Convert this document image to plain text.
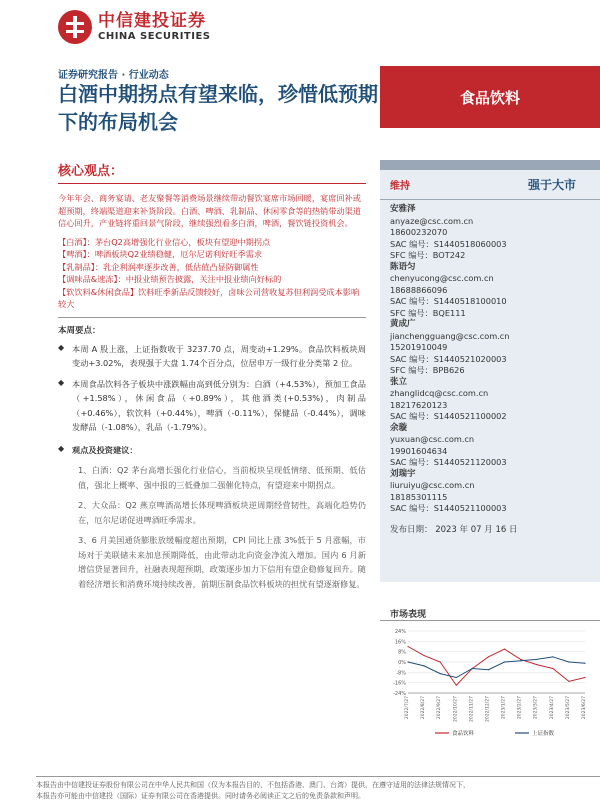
中信建投证券
CHINA SECURITIES
证券研究报告 · 行业动态
白酒中期拐点有望来临，珍惜低预期下的布局机会
食品饮料
核心观点：
今年年会、商务宴请、老友聚餐等消费场景继续带动餐饮宴席市场回暖，宴席回补或超预期，终端渠道迎来补货阶段。白酒、啤酒、乳制品、休闲零食等的热销带动渠道信心回升，产业链将重回景气阶段，继续强烈看多白酒，啤酒，餐饮链投资机会。
【白酒】：茅台Q2高增强化行业信心，板块有望迎中期拐点
【啤酒】：啤酒板块Q2业绩稳健，厄尔尼诺利好旺季需求
【乳制品】：乳企利润率逐步改善，低估值凸显防御属性
【调味品&速冻】：中报业绩预告披露，关注中报业绩向好标的
【软饮料&休闲食品】饮料旺季新品反馈较好，卤味公司营收复苏但利润受成本影响较大
本周要点：
◆ 本周 A 股上涨，上证指数收于 3237.70 点，周变动+1.29%。食品饮料板块周变动+3.02%，表现强于大盘 1.74个百分点，位居申万一级行业分类第 2 位。
◆ 本周食品饮料各子板块中涨跌幅由高到低分别为：白酒（+4.53%），预加工食品（+1.58%），休闲食品（+0.89%），其他酒类(+0.53%)，肉制品（+0.46%），软饮料（+0.44%），啤酒（-0.11%），保健品（-0.44%），调味发酵品（-1.08%），乳品（-1.79%）。
◆ 观点及投资建议：
1、白酒：Q2 茅台高增长强化行业信心，当前板块呈现低情绪、低预期、低估值，强北上概率、强中报的三低叠加二强催化特点，有望迎来中期拐点。
2、大众品：Q2 燕京啤酒高增长体现啤酒板块逆周期经营韧性，高端化趋势仍在，厄尔尼诺促进啤酒旺季需求。
3、6 月美国通货膨胀放缓幅度超出预期，CPI 同比上涨 3%低于 5 月涨幅，市场对于美联储未来加息预期降低，由此带动北向资金净流入增加。国内 6 月新增信贷显著回升，社融表现超预期，政策逐步加力下信用有望企稳修复回升。随着经济增长和消费环境持续改善，前期压制食品饮料板块的担忧有望逐渐修复。
维持	强于大市
安雅泽
anyaze@csc.com.cn
18600232070
SAC 编号：S1440518060003
SFC 编号：BOT242
陈语匀
chenyucong@csc.com.cn
18688866096
SAC 编号：S1440518100010
SFC 编号：BQE111
黄成广
jianchengguang@csc.com.cn
15201910049
SAC 编号：S1440521020003
SFC 编号：BPB626
张立
zhanglidcq@csc.com.cn
18217620123
SAC 编号：S1440521100002
余璇
yuxuan@csc.com.cn
19901604634
SAC 编号：S1440521120003
刘瑞宇
liuruiyu@csc.com.cn
18185301115
SAC 编号：S1440521100003
发布日期： 2023 年 07 月 16 日
市场表现
-24%
-16%
-8%
0%
8%
16%
24%
2022/7/27 2022/8/27 2022/9/27 2022/10/27 2022/11/27 2022/12/27 2023/1/27 2023/2/27 2023/3/27 2023/4/27 2023/5/27 2023/6/27
食品饮料	上证指数
本报告由中信建投证券股份有限公司在中华人民共和国（仅为本报告目的，不包括香港、澳门、台湾）提供，在遵守适用的法律法规情况下，
本报告亦可能由中信建投（国际）证券有限公司在香港提供。同时请务必阅读正文之后的免责条款和声明。
